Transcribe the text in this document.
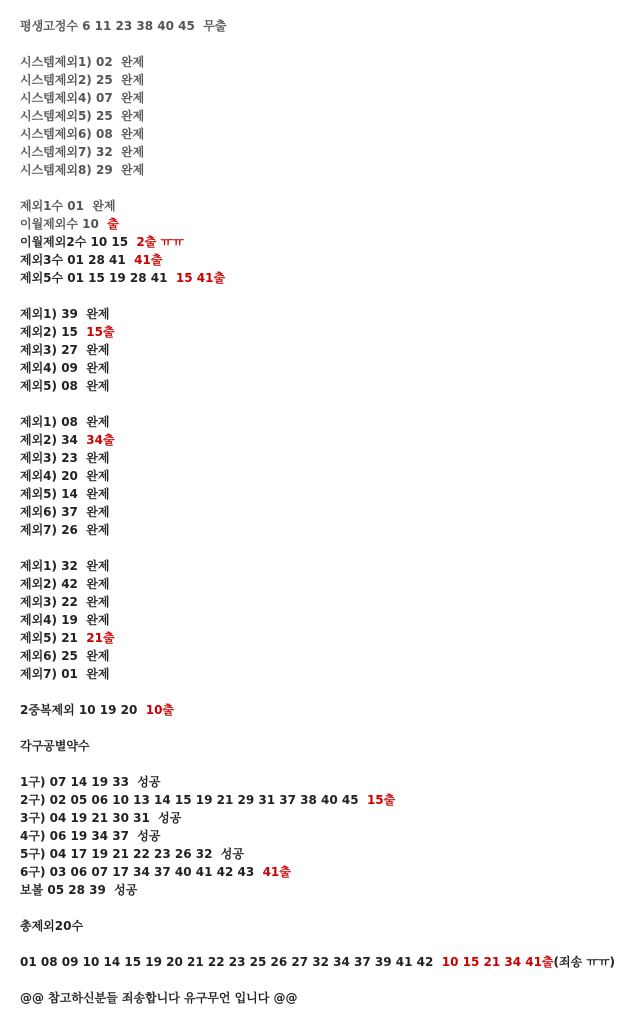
평생고정수 6 11 23 38 40 45  무출
시스템제외1) 02  완제
시스템제외2) 25  완제
시스템제외4) 07  완제
시스템제외5) 25  완제
시스템제외6) 08  완제
시스템제외7) 32  완제
시스템제외8) 29  완제
제외1수 01  완제
이월제외수 10  출
이월제외2수 10 15  2출 ㅠㅠ
제외3수 01 28 41  41출
제외5수 01 15 19 28 41  15 41출
제외1) 39  완제
제외2) 15  15출
제외3) 27  완제
제외4) 09  완제
제외5) 08  완제
제외1) 08  완제
제외2) 34  34출
제외3) 23  완제
제외4) 20  완제
제외5) 14  완제
제외6) 37  완제
제외7) 26  완제
제외1) 32  완제
제외2) 42  완제
제외3) 22  완제
제외4) 19  완제
제외5) 21  21출
제외6) 25  완제
제외7) 01  완제
2중복제외 10 19 20  10출
각구공별약수
1구) 07 14 19 33  성공
2구) 02 05 06 10 13 14 15 19 21 29 31 37 38 40 45  15출
3구) 04 19 21 30 31  성공
4구) 06 19 34 37  성공
5구) 04 17 19 21 22 23 26 32  성공
6구) 03 06 07 17 34 37 40 41 42 43  41출
보볼 05 28 39  성공
총제외20수
01 08 09 10 14 15 19 20 21 22 23 25 26 27 32 34 37 39 41 42  10 15 21 34 41출(죄송 ㅠㅠ)
@@ 참고하신분들 죄송합니다 유구무언 입니다 @@
